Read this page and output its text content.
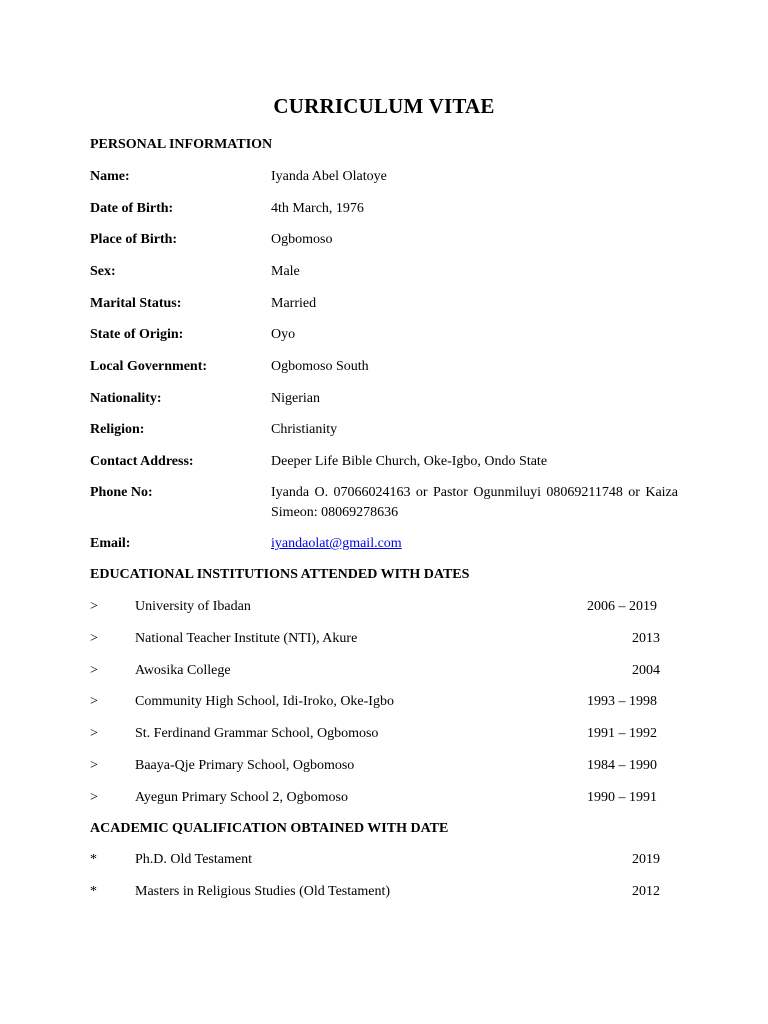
CURRICULUM VITAE
PERSONAL INFORMATION
Name:	Iyanda Abel Olatoye
Date of Birth:	4th March, 1976
Place of Birth:	Ogbomoso
Sex:	Male
Marital Status:	Married
State of Origin:	Oyo
Local Government:	Ogbomoso South
Nationality:	Nigerian
Religion:	Christianity
Contact Address:	Deeper Life Bible Church, Oke-Igbo, Ondo State
Phone No:	Iyanda O. 07066024163 or Pastor Ogunmiluyi 08069211748 or Kaiza Simeon: 08069278636
Email:	iyandaolat@gmail.com
EDUCATIONAL INSTITUTIONS ATTENDED WITH DATES
>	University of Ibadan	2006 – 2019
>	National Teacher Institute (NTI), Akure	2013
>	Awosika College	2004
>	Community High School, Idi-Iroko, Oke-Igbo	1993 – 1998
>	St. Ferdinand Grammar School, Ogbomoso	1991 – 1992
>	Baaya-Qje Primary School, Ogbomoso	1984 – 1990
>	Ayegun Primary School 2, Ogbomoso	1990 – 1991
ACADEMIC QUALIFICATION OBTAINED WITH DATE
*	Ph.D. Old Testament	2019
*	Masters in Religious Studies (Old Testament)	2012
